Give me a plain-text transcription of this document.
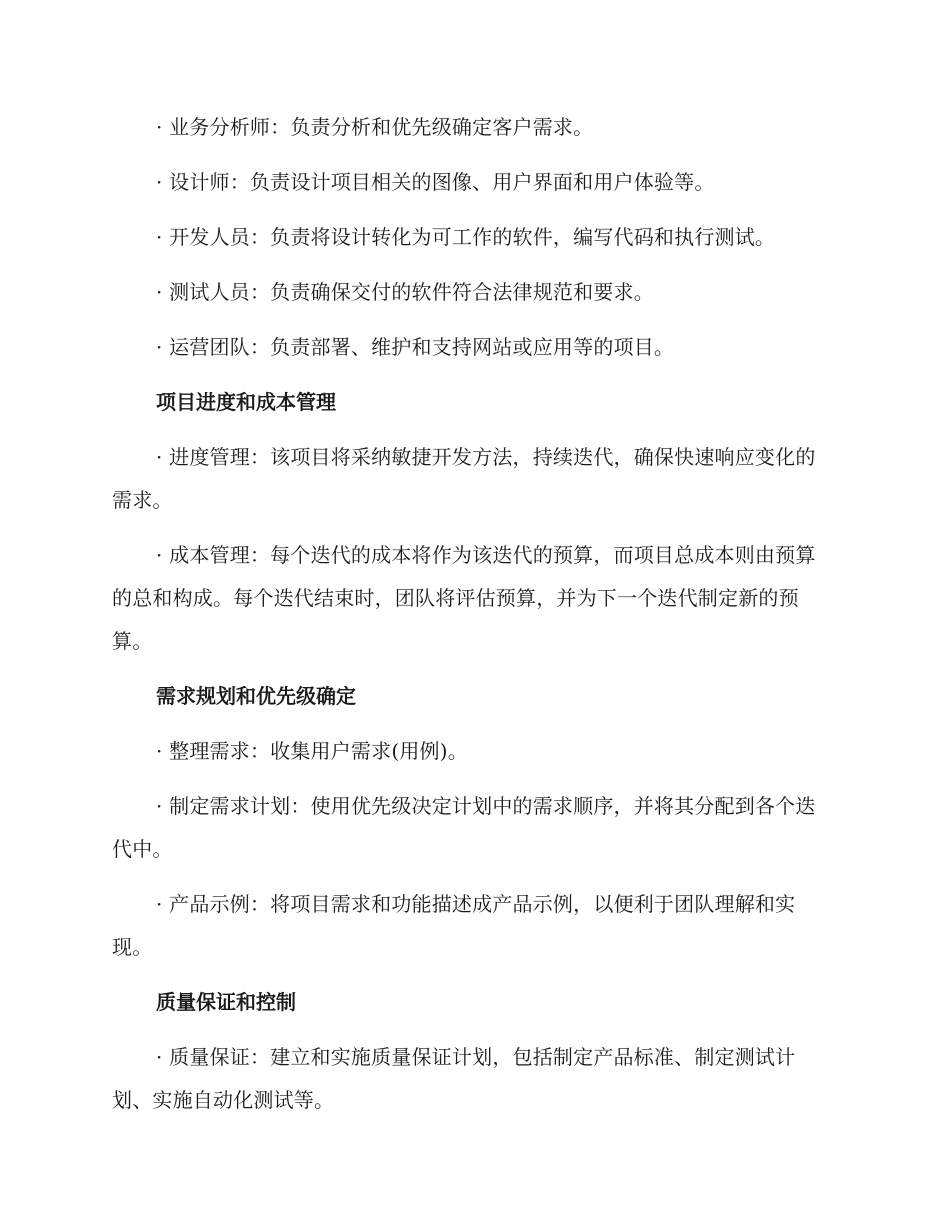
· 业务分析师：负责分析和优先级确定客户需求。

· 设计师：负责设计项目相关的图像、用户界面和用户体验等。

· 开发人员：负责将设计转化为可工作的软件，编写代码和执行测试。

· 测试人员：负责确保交付的软件符合法律规范和要求。

· 运营团队：负责部署、维护和支持网站或应用等的项目。

项目进度和成本管理

· 进度管理：该项目将采纳敏捷开发方法，持续迭代，确保快速响应变化的需求。

· 成本管理：每个迭代的成本将作为该迭代的预算，而项目总成本则由预算的总和构成。每个迭代结束时，团队将评估预算，并为下一个迭代制定新的预算。

需求规划和优先级确定

· 整理需求：收集用户需求(用例)。

· 制定需求计划：使用优先级决定计划中的需求顺序，并将其分配到各个迭代中。

· 产品示例：将项目需求和功能描述成产品示例，以便利于团队理解和实现。

质量保证和控制

· 质量保证：建立和实施质量保证计划，包括制定产品标准、制定测试计划、实施自动化测试等。
